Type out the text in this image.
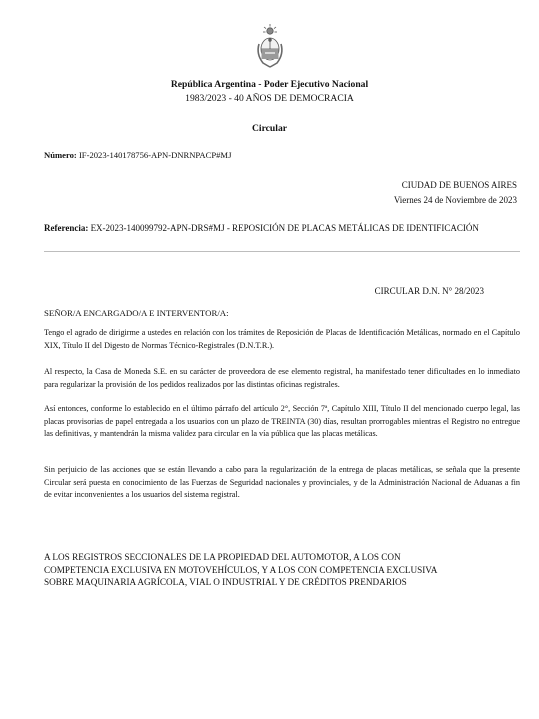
República Argentina - Poder Ejecutivo Nacional
1983/2023 - 40 AÑOS DE DEMOCRACIA
Circular
Número: IF-2023-140178756-APN-DNRNPACP#MJ
CIUDAD DE BUENOS AIRES
Viernes 24 de Noviembre de 2023
Referencia: EX-2023-140099792-APN-DRS#MJ - REPOSICIÓN DE PLACAS METÁLICAS DE IDENTIFICACIÓN
CIRCULAR D.N. N° 28/2023
SEÑOR/A ENCARGADO/A E INTERVENTOR/A:
Tengo el agrado de dirigirme a ustedes en relación con los trámites de Reposición de Placas de Identificación Metálicas, normado en el Capítulo XIX, Título II del Digesto de Normas Técnico-Registrales (D.N.T.R.).
Al respecto, la Casa de Moneda S.E. en su carácter de proveedora de ese elemento registral, ha manifestado tener dificultades en lo inmediato para regularizar la provisión de los pedidos realizados por las distintas oficinas registrales.
Así entonces, conforme lo establecido en el último párrafo del artículo 2°, Sección 7ª, Capítulo XIII, Título II del mencionado cuerpo legal, las placas provisorias de papel entregada a los usuarios con un plazo de TREINTA (30) días, resultan prorrogables mientras el Registro no entregue las definitivas, y mantendrán la misma validez para circular en la vía pública que las placas metálicas.
Sin perjuicio de las acciones que se están llevando a cabo para la regularización de la entrega de placas metálicas, se señala que la presente Circular será puesta en conocimiento de las Fuerzas de Seguridad nacionales y provinciales, y de la Administración Nacional de Aduanas a fin de evitar inconvenientes a los usuarios del sistema registral.
A LOS REGISTROS SECCIONALES DE LA PROPIEDAD DEL AUTOMOTOR, A LOS CON COMPETENCIA EXCLUSIVA EN MOTOVEHÍCULOS, Y A LOS CON COMPETENCIA EXCLUSIVA SOBRE MAQUINARIA AGRÍCOLA, VIAL O INDUSTRIAL Y DE CRÉDITOS PRENDARIOS
